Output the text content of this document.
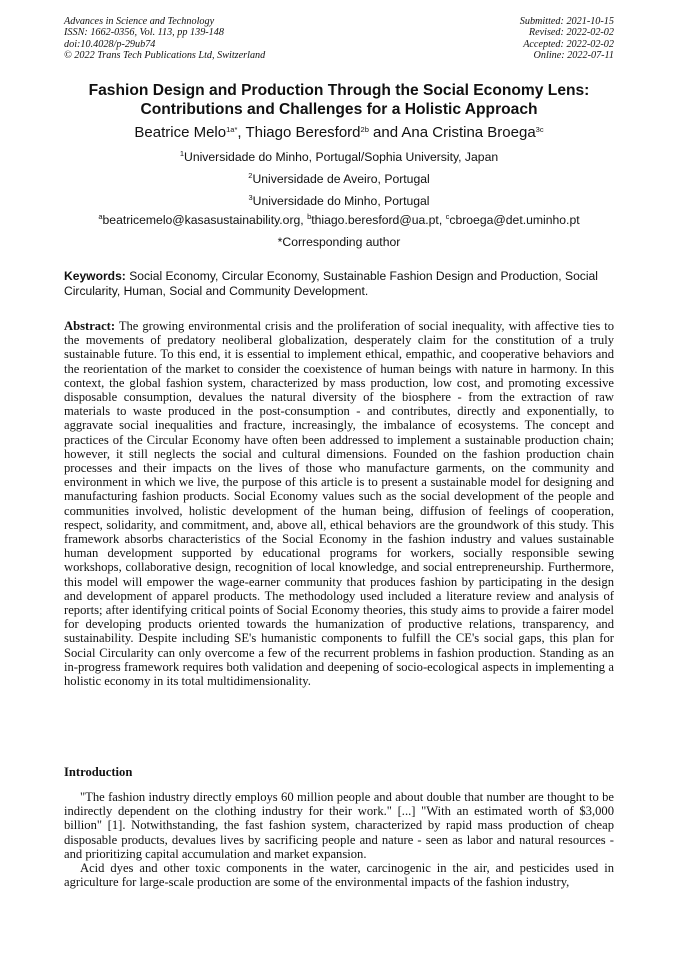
Advances in Science and Technology
ISSN: 1662-0356, Vol. 113, pp 139-148
doi:10.4028/p-29ub74
© 2022 Trans Tech Publications Ltd, Switzerland
Submitted: 2021-10-15
Revised: 2022-02-02
Accepted: 2022-02-02
Online: 2022-07-11
Fashion Design and Production Through the Social Economy Lens:
Contributions and Challenges for a Holistic Approach
Beatrice Melo$^{1a*}$, Thiago Beresford$^{2b}$ and Ana Cristina Broega$^{3c}$
$^1$Universidade do Minho, Portugal/Sophia University, Japan
$^2$Universidade de Aveiro, Portugal
$^3$Universidade do Minho, Portugal
$^a$beatricemelo@kasasustainability.org, $^b$thiago.beresford@ua.pt, $^c$cbroega@det.uminho.pt
*Corresponding author
Keywords: Social Economy, Circular Economy, Sustainable Fashion Design and Production, Social Circularity, Human, Social and Community Development.
Abstract: The growing environmental crisis and the proliferation of social inequality, with affective ties to the movements of predatory neoliberal globalization, desperately claim for the constitution of a truly sustainable future. To this end, it is essential to implement ethical, empathic, and cooperative behaviors and the reorientation of the market to consider the coexistence of human beings with nature in harmony. In this context, the global fashion system, characterized by mass production, low cost, and promoting excessive disposable consumption, devalues the natural diversity of the biosphere - from the extraction of raw materials to waste produced in the post-consumption - and contributes, directly and exponentially, to aggravate social inequalities and fracture, increasingly, the imbalance of ecosystems. The concept and practices of the Circular Economy have often been addressed to implement a sustainable production chain; however, it still neglects the social and cultural dimensions. Founded on the fashion production chain processes and their impacts on the lives of those who manufacture garments, on the community and environment in which we live, the purpose of this article is to present a sustainable model for designing and manufacturing fashion products. Social Economy values such as the social development of the people and communities involved, holistic development of the human being, diffusion of feelings of cooperation, respect, solidarity, and commitment, and, above all, ethical behaviors are the groundwork of this study. This framework absorbs characteristics of the Social Economy in the fashion industry and values sustainable human development supported by educational programs for workers, socially responsible sewing workshops, collaborative design, recognition of local knowledge, and social entrepreneurship. Furthermore, this model will empower the wage-earner community that produces fashion by participating in the design and development of apparel products. The methodology used included a literature review and analysis of reports; after identifying critical points of Social Economy theories, this study aims to provide a fairer model for developing products oriented towards the humanization of productive relations, transparency, and sustainability. Despite including SE's humanistic components to fulfill the CE's social gaps, this plan for Social Circularity can only overcome a few of the recurrent problems in fashion production. Standing as an in-progress framework requires both validation and deepening of socio-ecological aspects in implementing a holistic economy in its total multidimensionality.
Introduction

"The fashion industry directly employs 60 million people and about double that number are thought to be indirectly dependent on the clothing industry for their work." [...] "With an estimated worth of $3,000 billion" [1]. Notwithstanding, the fast fashion system, characterized by rapid mass production of cheap disposable products, devalues lives by sacrificing people and nature - seen as labor and natural resources - and prioritizing capital accumulation and market expansion.

Acid dyes and other toxic components in the water, carcinogenic in the air, and pesticides used in agriculture for large-scale production are some of the environmental impacts of the fashion industry,
